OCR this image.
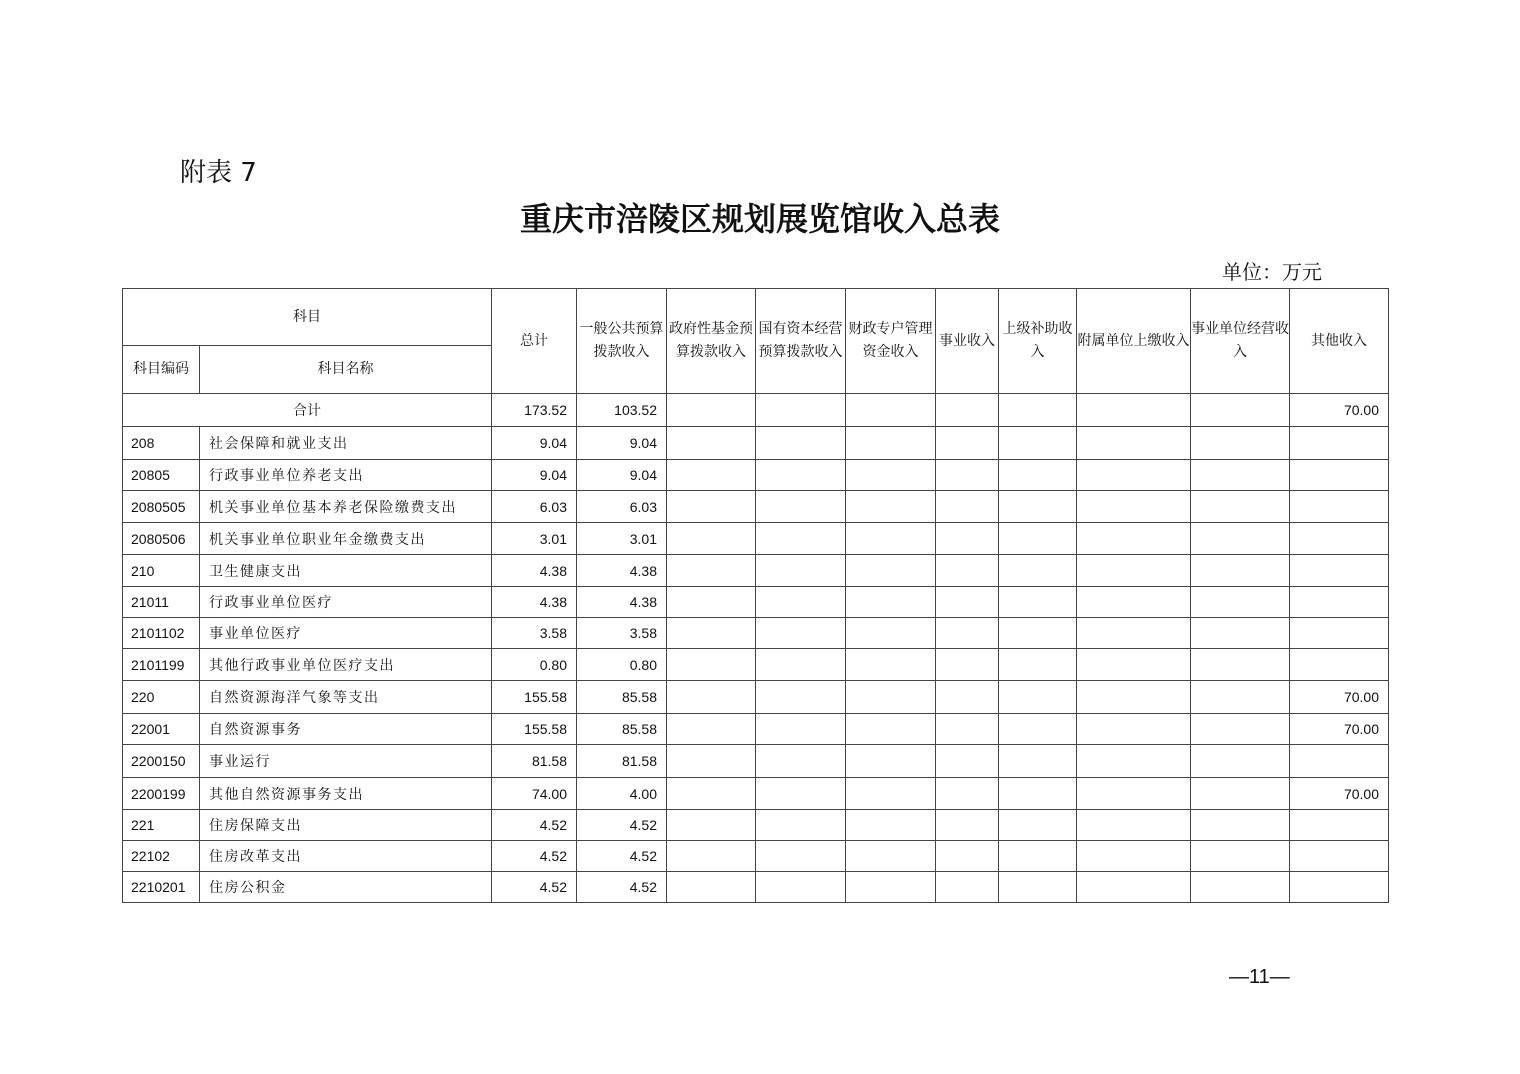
附表 7
重庆市涪陵区规划展览馆收入总表
单位：万元
科目		总计	一般公共预算拨款收入	政府性基金预算拨款收入	国有资本经营预算拨款收入	财政专户管理资金收入	事业收入	上级补助收入	附属单位上缴收入	事业单位经营收入	其他收入
科目编码	科目名称										
合计		173.52	103.52								70.00
208	社会保障和就业支出	9.04	9.04								
20805	行政事业单位养老支出	9.04	9.04								
2080505	机关事业单位基本养老保险缴费支出	6.03	6.03								
2080506	机关事业单位职业年金缴费支出	3.01	3.01								
210	卫生健康支出	4.38	4.38								
21011	行政事业单位医疗	4.38	4.38								
2101102	事业单位医疗	3.58	3.58								
2101199	其他行政事业单位医疗支出	0.80	0.80								
220	自然资源海洋气象等支出	155.58	85.58								70.00
22001	自然资源事务	155.58	85.58								70.00
2200150	事业运行	81.58	81.58								
2200199	其他自然资源事务支出	74.00	4.00								70.00
221	住房保障支出	4.52	4.52								
22102	住房改革支出	4.52	4.52								
2210201	住房公积金	4.52	4.52								
—11—
